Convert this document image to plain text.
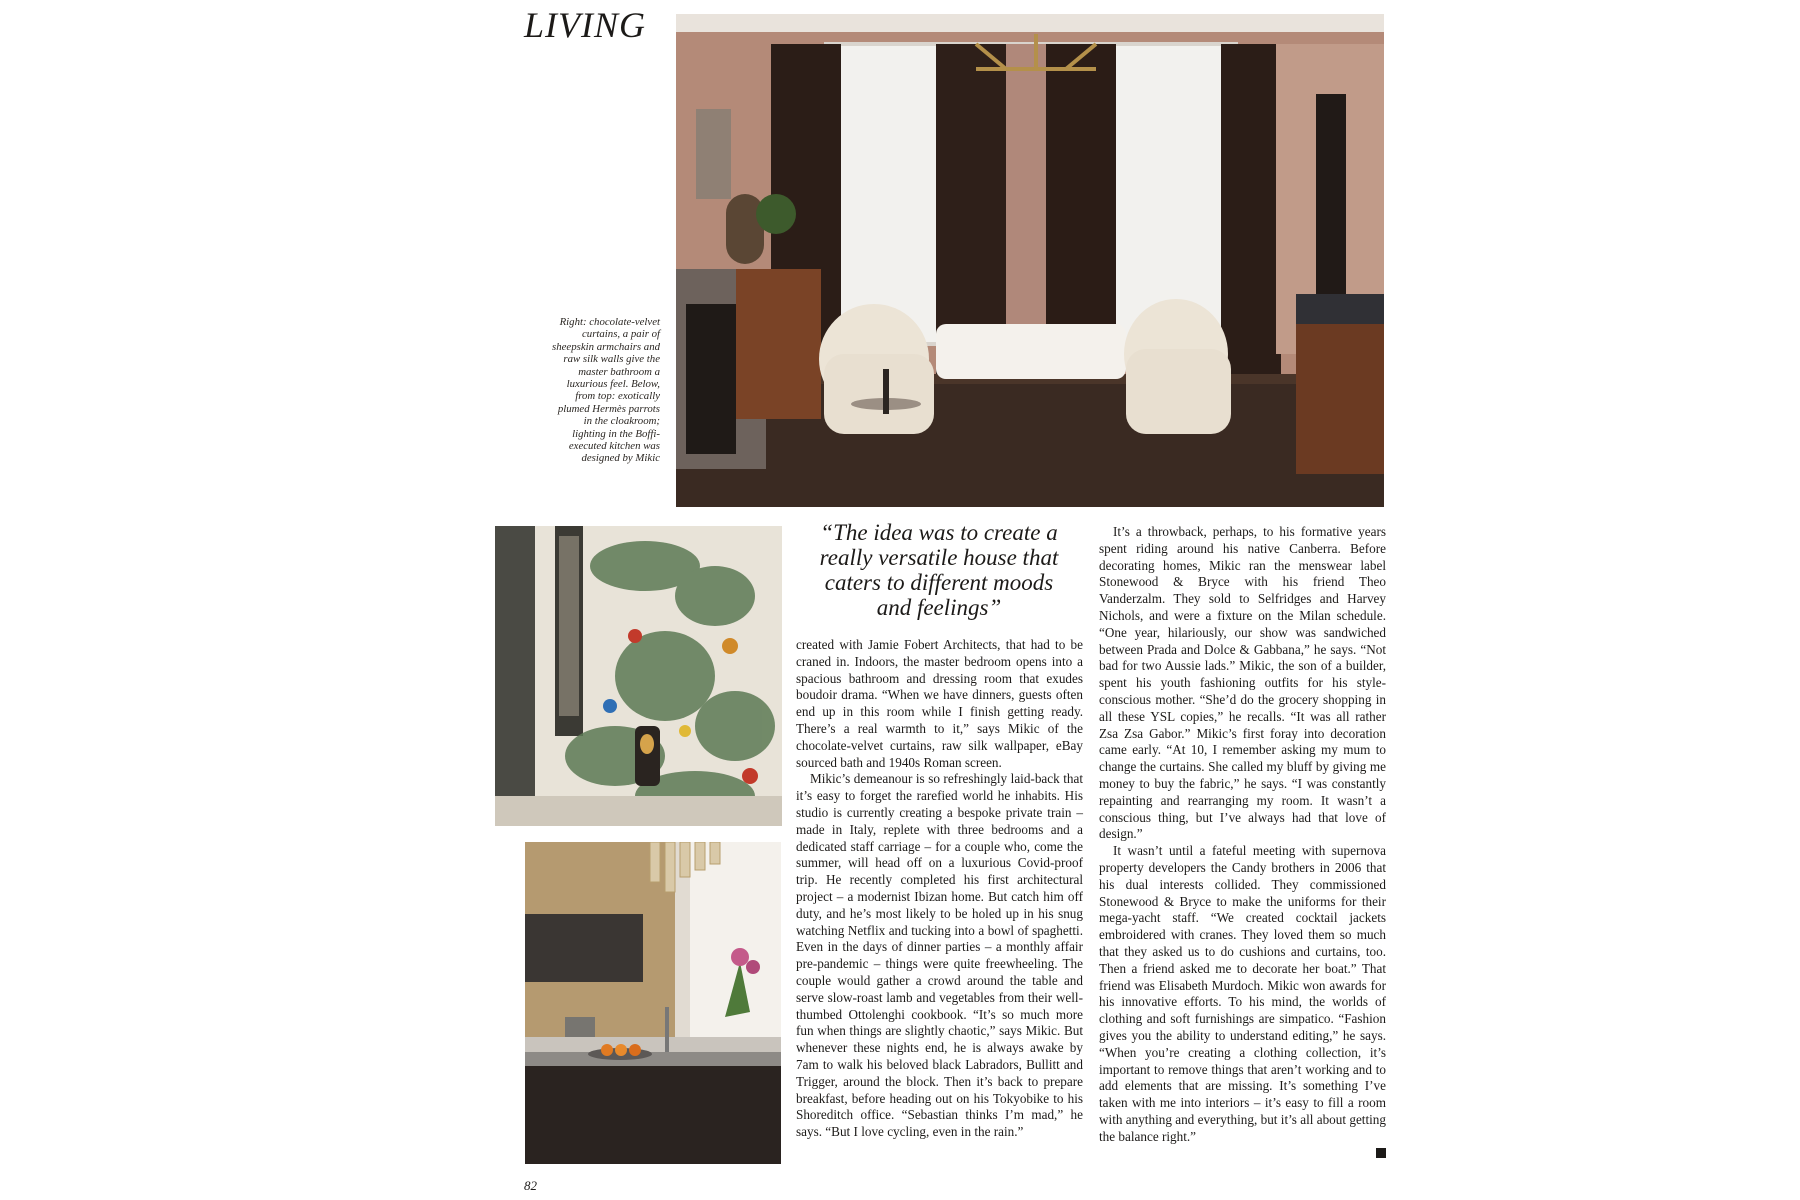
LIVING

Right: chocolate-velvet curtains, a pair of sheepskin armchairs and raw silk walls give the master bathroom a luxurious feel. Below, from top: exotically plumed Hermès parrots in the cloakroom; lighting in the Boffi-executed kitchen was designed by Mikic

“The idea was to create a really versatile house that caters to different moods and feelings”

created with Jamie Fobert Architects, that had to be craned in. Indoors, the master bedroom opens into a spacious bathroom and dressing room that exudes boudoir drama. “When we have dinners, guests often end up in this room while I finish getting ready. There’s a real warmth to it,” says Mikic of the chocolate-velvet curtains, raw silk wallpaper, eBay sourced bath and 1940s Roman screen.

Mikic’s demeanour is so refreshingly laid-back that it’s easy to forget the rarefied world he inhabits. His studio is currently creating a bespoke private train – made in Italy, replete with three bedrooms and a dedicated staff carriage – for a couple who, come the summer, will head off on a luxurious Covid-proof trip. He recently completed his first architectural project – a modernist Ibizan home. But catch him off duty, and he’s most likely to be holed up in his snug watching Netflix and tucking into a bowl of spaghetti. Even in the days of dinner parties – a monthly affair pre-pandemic – things were quite freewheeling. The couple would gather a crowd around the table and serve slow-roast lamb and vegetables from their well-thumbed Ottolenghi cookbook. “It’s so much more fun when things are slightly chaotic,” says Mikic. But whenever these nights end, he is always awake by 7am to walk his beloved black Labradors, Bullitt and Trigger, around the block. Then it’s back to prepare breakfast, before heading out on his Tokyobike to his Shoreditch office. “Sebastian thinks I’m mad,” he says. “But I love cycling, even in the rain.”

It’s a throwback, perhaps, to his formative years spent riding around his native Canberra. Before decorating homes, Mikic ran the menswear label Stonewood & Bryce with his friend Theo Vanderzalm. They sold to Selfridges and Harvey Nichols, and were a fixture on the Milan schedule. “One year, hilariously, our show was sandwiched between Prada and Dolce & Gabbana,” he says. “Not bad for two Aussie lads.” Mikic, the son of a builder, spent his youth fashioning outfits for his style-conscious mother. “She’d do the grocery shopping in all these YSL copies,” he recalls. “It was all rather Zsa Zsa Gabor.” Mikic’s first foray into decoration came early. “At 10, I remember asking my mum to change the curtains. She called my bluff by giving me money to buy the fabric,” he says. “I was constantly repainting and rearranging my room. It wasn’t a conscious thing, but I’ve always had that love of design.”

It wasn’t until a fateful meeting with supernova property developers the Candy brothers in 2006 that his dual interests collided. They commissioned Stonewood & Bryce to make the uniforms for their mega-yacht staff. “We created cocktail jackets embroidered with cranes. They loved them so much that they asked us to do cushions and curtains, too. Then a friend asked me to decorate her boat.” That friend was Elisabeth Murdoch. Mikic won awards for his innovative efforts. To his mind, the worlds of clothing and soft furnishings are simpatico. “Fashion gives you the ability to understand editing,” he says. “When you’re creating a clothing collection, it’s important to remove things that aren’t working and to add elements that are missing. It’s something I’ve taken with me into interiors – it’s easy to fill a room with anything and everything, but it’s all about getting the balance right.”

82
